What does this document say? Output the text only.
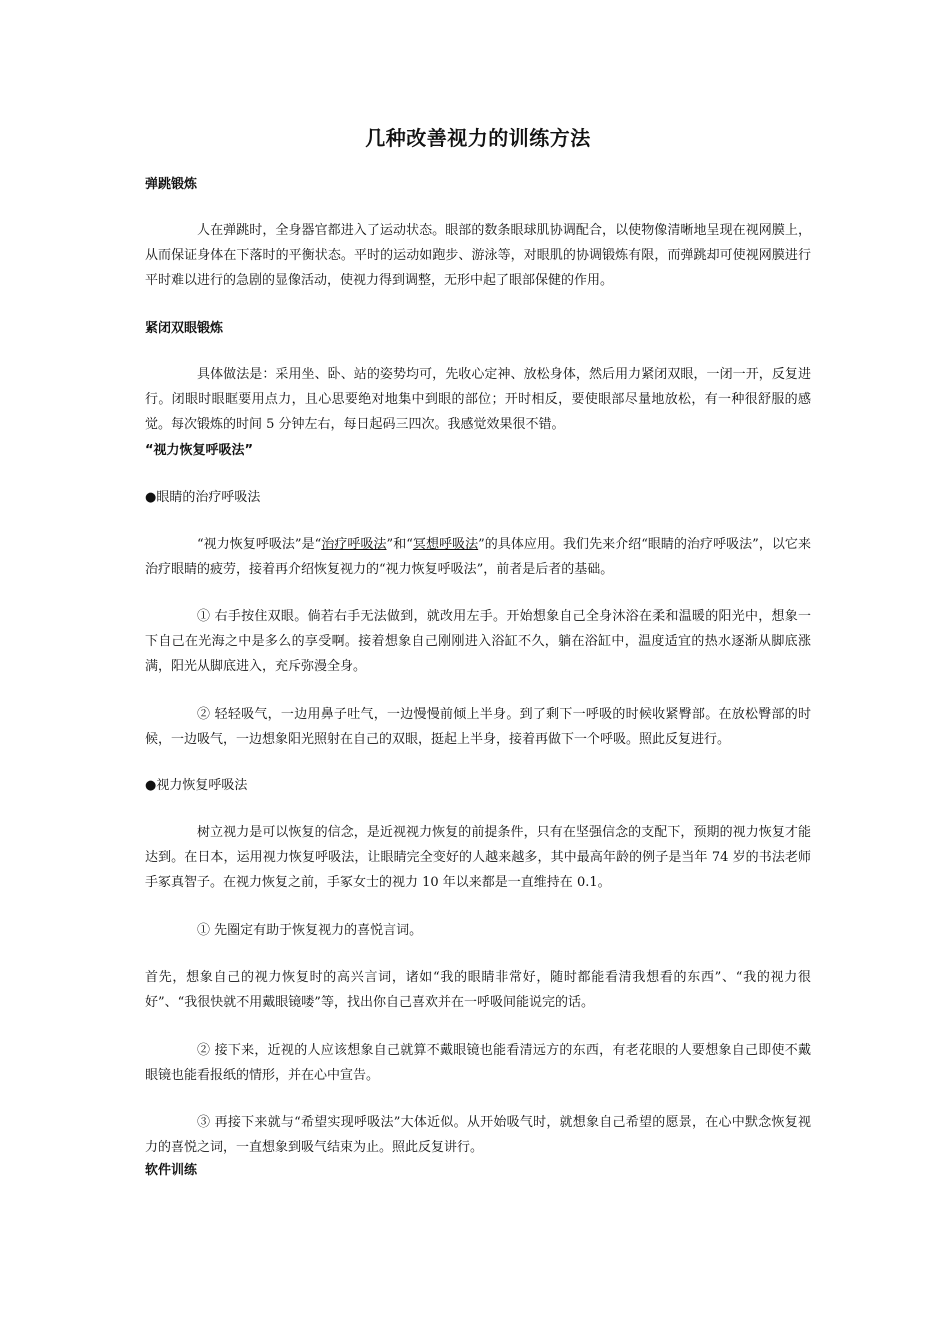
几种改善视力的训练方法
弹跳锻炼

人在弹跳时，全身器官都进入了运动状态。眼部的数条眼球肌协调配合，以使物像清晰地呈现在视网膜上，从而保证身体在下落时的平衡状态。平时的运动如跑步、游泳等，对眼肌的协调锻炼有限，而弹跳却可使视网膜进行平时难以进行的急剧的显像活动，使视力得到调整，无形中起了眼部保健的作用。

紧闭双眼锻炼

具体做法是：采用坐、卧、站的姿势均可，先收心定神、放松身体，然后用力紧闭双眼，一闭一开，反复进行。闭眼时眼眶要用点力，且心思要绝对地集中到眼的部位；开时相反，要使眼部尽量地放松，有一种很舒服的感觉。每次锻炼的时间 5 分钟左右，每日起码三四次。我感觉效果很不错。

“视力恢复呼吸法”
●眼睛的治疗呼吸法

“视力恢复呼吸法”是“治疗呼吸法”和“冥想呼吸法”的具体应用。我们先来介绍“眼睛的治疗呼吸法”，以它来治疗眼睛的疲劳，接着再介绍恢复视力的“视力恢复呼吸法”，前者是后者的基础。

① 右手按住双眼。倘若右手无法做到，就改用左手。开始想象自己全身沐浴在柔和温暖的阳光中，想象一下自己在光海之中是多么的享受啊。接着想象自己刚刚进入浴缸不久，躺在浴缸中，温度适宜的热水逐渐从脚底涨满，阳光从脚底进入，充斥弥漫全身。

② 轻轻吸气，一边用鼻子吐气，一边慢慢前倾上半身。到了剩下一呼吸的时候收紧臀部。在放松臀部的时候，一边吸气，一边想象阳光照射在自己的双眼，挺起上半身，接着再做下一个呼吸。照此反复进行。

●视力恢复呼吸法

树立视力是可以恢复的信念，是近视视力恢复的前提条件，只有在坚强信念的支配下，预期的视力恢复才能达到。在日本，运用视力恢复呼吸法，让眼睛完全变好的人越来越多，其中最高年龄的例子是当年 74 岁的书法老师手冢真智子。在视力恢复之前，手冢女士的视力 10 年以来都是一直维持在 0.1。

① 先圈定有助于恢复视力的喜悦言词。

首先，想象自己的视力恢复时的高兴言词，诸如“我的眼睛非常好，随时都能看清我想看的东西”、“我的视力很好”、“我很快就不用戴眼镜喽”等，找出你自己喜欢并在一呼吸间能说完的话。

② 接下来，近视的人应该想象自己就算不戴眼镜也能看清远方的东西，有老花眼的人要想象自己即使不戴眼镜也能看报纸的情形，并在心中宣告。

③ 再接下来就与“希望实现呼吸法”大体近似。从开始吸气时，就想象自己希望的愿景，在心中默念恢复视力的喜悦之词，一直想象到吸气结束为止。照此反复讲行。

软件训练
